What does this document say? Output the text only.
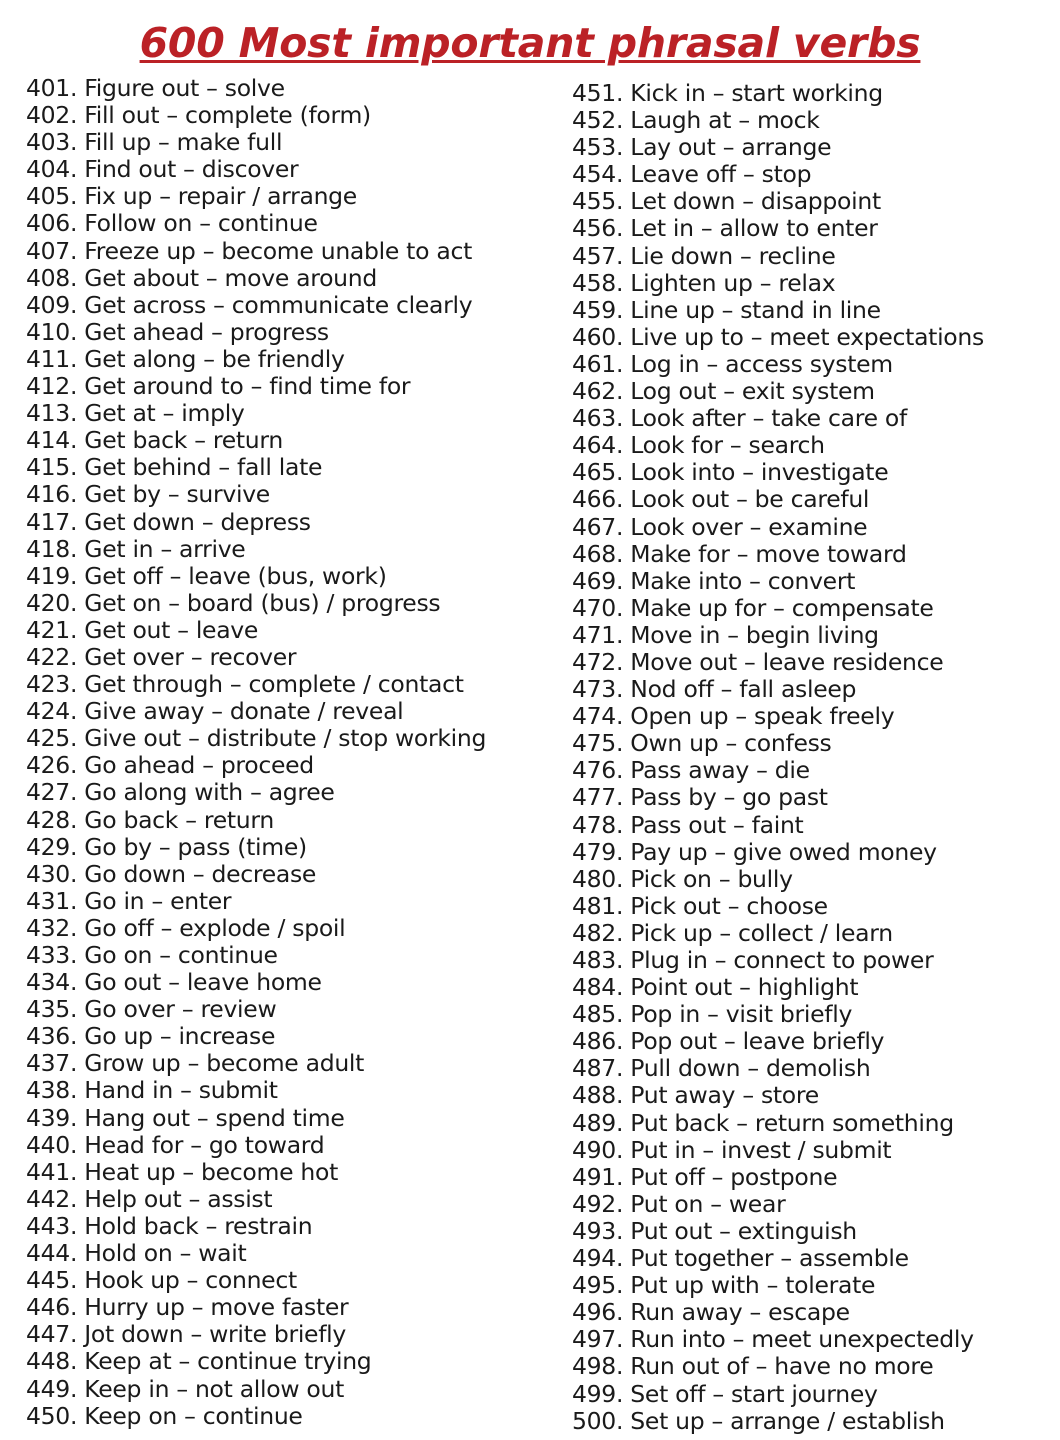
600 Most important phrasal verbs
401. Figure out – solve
402. Fill out – complete (form)
403. Fill up – make full
404. Find out – discover
405. Fix up – repair / arrange
406. Follow on – continue
407. Freeze up – become unable to act
408. Get about – move around
409. Get across – communicate clearly
410. Get ahead – progress
411. Get along – be friendly
412. Get around to – find time for
413. Get at – imply
414. Get back – return
415. Get behind – fall late
416. Get by – survive
417. Get down – depress
418. Get in – arrive
419. Get off – leave (bus, work)
420. Get on – board (bus) / progress
421. Get out – leave
422. Get over – recover
423. Get through – complete / contact
424. Give away – donate / reveal
425. Give out – distribute / stop working
426. Go ahead – proceed
427. Go along with – agree
428. Go back – return
429. Go by – pass (time)
430. Go down – decrease
431. Go in – enter
432. Go off – explode / spoil
433. Go on – continue
434. Go out – leave home
435. Go over – review
436. Go up – increase
437. Grow up – become adult
438. Hand in – submit
439. Hang out – spend time
440. Head for – go toward
441. Heat up – become hot
442. Help out – assist
443. Hold back – restrain
444. Hold on – wait
445. Hook up – connect
446. Hurry up – move faster
447. Jot down – write briefly
448. Keep at – continue trying
449. Keep in – not allow out
450. Keep on – continue
451. Kick in – start working
452. Laugh at – mock
453. Lay out – arrange
454. Leave off – stop
455. Let down – disappoint
456. Let in – allow to enter
457. Lie down – recline
458. Lighten up – relax
459. Line up – stand in line
460. Live up to – meet expectations
461. Log in – access system
462. Log out – exit system
463. Look after – take care of
464. Look for – search
465. Look into – investigate
466. Look out – be careful
467. Look over – examine
468. Make for – move toward
469. Make into – convert
470. Make up for – compensate
471. Move in – begin living
472. Move out – leave residence
473. Nod off – fall asleep
474. Open up – speak freely
475. Own up – confess
476. Pass away – die
477. Pass by – go past
478. Pass out – faint
479. Pay up – give owed money
480. Pick on – bully
481. Pick out – choose
482. Pick up – collect / learn
483. Plug in – connect to power
484. Point out – highlight
485. Pop in – visit briefly
486. Pop out – leave briefly
487. Pull down – demolish
488. Put away – store
489. Put back – return something
490. Put in – invest / submit
491. Put off – postpone
492. Put on – wear
493. Put out – extinguish
494. Put together – assemble
495. Put up with – tolerate
496. Run away – escape
497. Run into – meet unexpectedly
498. Run out of – have no more
499. Set off – start journey
500. Set up – arrange / establish
